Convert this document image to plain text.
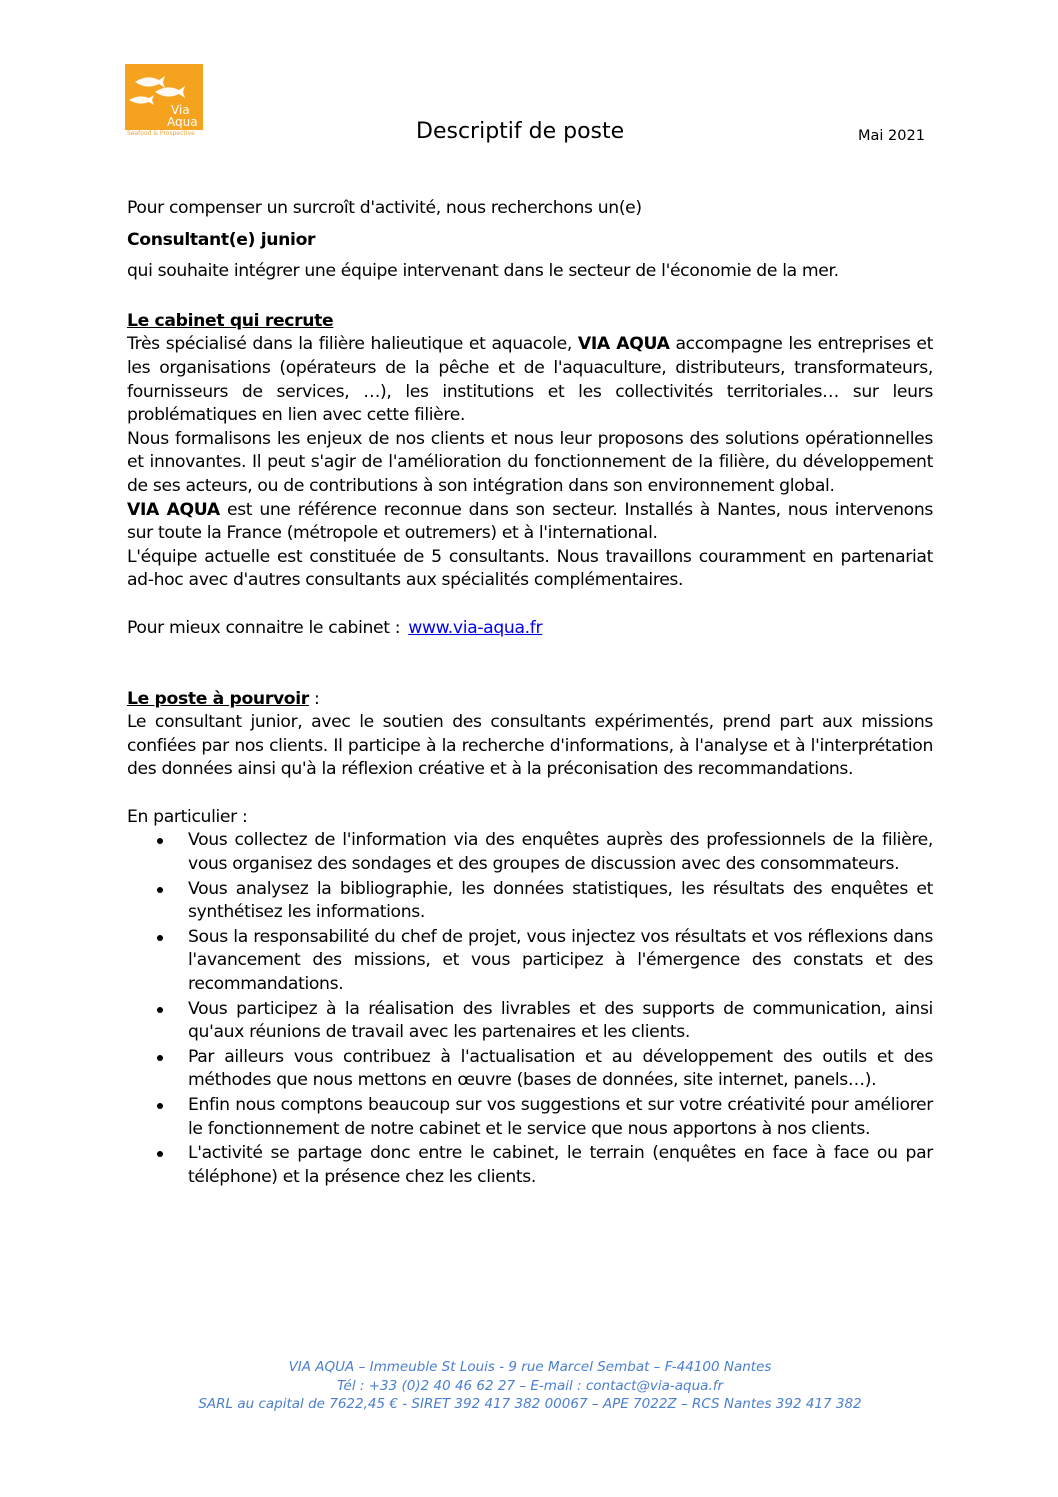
Via
Aqua
Seafood & Prospective	Descriptif de poste	Mai 2021

Pour compenser un surcroît d'activité, nous recherchons un(e)

Consultant(e) junior

qui souhaite intégrer une équipe intervenant dans le secteur de l'économie de la mer.

Le cabinet qui recrute

Très spécialisé dans la filière halieutique et aquacole, VIA AQUA accompagne les entreprises et les organisations (opérateurs de la pêche et de l'aquaculture, distributeurs, transformateurs, fournisseurs de services, …), les institutions et les collectivités territoriales… sur leurs problématiques en lien avec cette filière.

Nous formalisons les enjeux de nos clients et nous leur proposons des solutions opérationnelles et innovantes. Il peut s'agir de l'amélioration du fonctionnement de la filière, du développement de ses acteurs, ou de contributions à son intégration dans son environnement global.

VIA AQUA est une référence reconnue dans son secteur. Installés à Nantes, nous intervenons sur toute la France (métropole et outremers) et à l'international.

L'équipe actuelle est constituée de 5 consultants. Nous travaillons couramment en partenariat ad-hoc avec d'autres consultants aux spécialités complémentaires.

Pour mieux connaitre le cabinet : www.via-aqua.fr

Le poste à pourvoir :

Le consultant junior, avec le soutien des consultants expérimentés, prend part aux missions confiées par nos clients. Il participe à la recherche d'informations, à l'analyse et à l'interprétation des données ainsi qu'à la réflexion créative et à la préconisation des recommandations.

En particulier :

Vous collectez de l'information via des enquêtes auprès des professionnels de la filière, vous organisez des sondages et des groupes de discussion avec des consommateurs.
Vous analysez la bibliographie, les données statistiques, les résultats des enquêtes et synthétisez les informations.
Sous la responsabilité du chef de projet, vous injectez vos résultats et vos réflexions dans l'avancement des missions, et vous participez à l'émergence des constats et des recommandations.
Vous participez à la réalisation des livrables et des supports de communication, ainsi qu'aux réunions de travail avec les partenaires et les clients.
Par ailleurs vous contribuez à l'actualisation et au développement des outils et des méthodes que nous mettons en œuvre (bases de données, site internet, panels…).
Enfin nous comptons beaucoup sur vos suggestions et sur votre créativité pour améliorer le fonctionnement de notre cabinet et le service que nous apportons à nos clients.
L'activité se partage donc entre le cabinet, le terrain (enquêtes en face à face ou par téléphone) et la présence chez les clients.
VIA AQUA – Immeuble St Louis - 9 rue Marcel Sembat – F-44100 Nantes
Tél : +33 (0)2 40 46 62 27 – E-mail : contact@via-aqua.fr
SARL au capital de 7622,45 € - SIRET 392 417 382 00067 – APE 7022Z – RCS Nantes 392 417 382
